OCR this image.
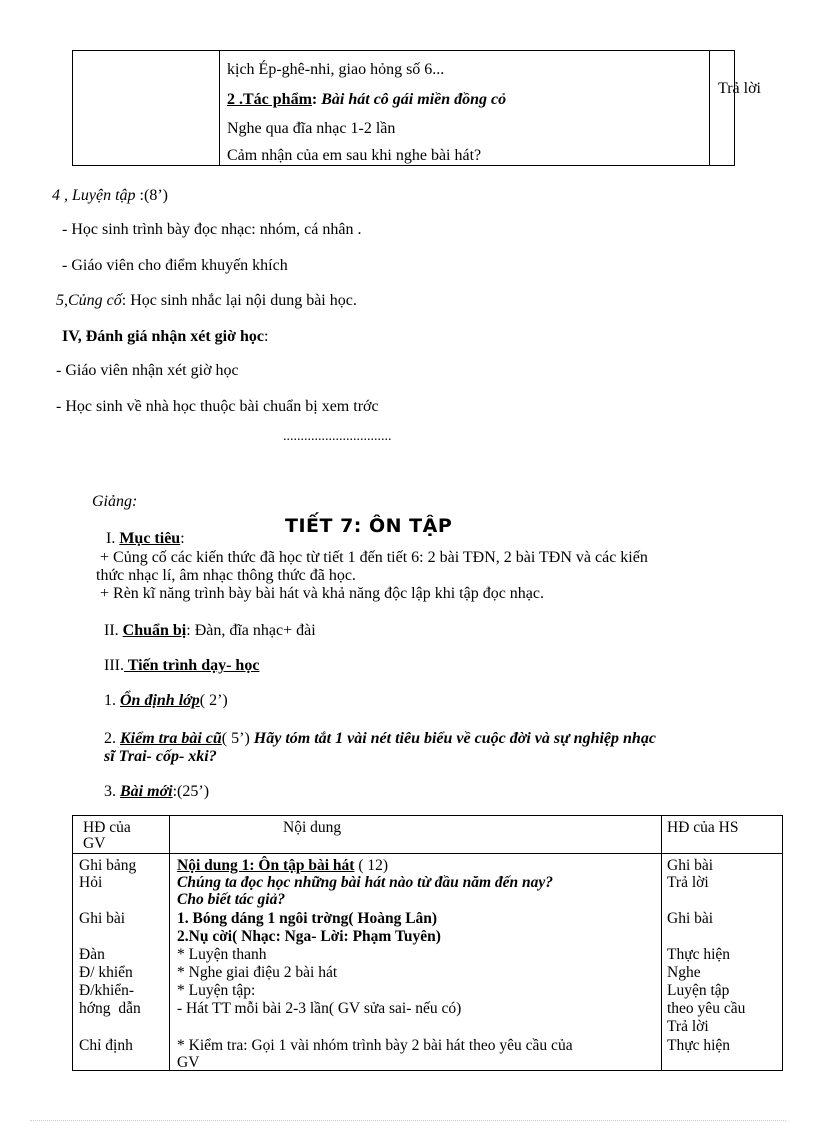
kịch Ép-ghê-nhi, giao hỏng số 6...
2 .Tác phẩm: Bài hát cô gái miền đồng cỏ
Nghe qua đĩa nhạc 1-2 lần
Cảm nhận của em sau khi nghe bài hát?
Trả lời
4 , Luyện tập :(8’)
- Học sinh trình bày đọc nhạc: nhóm, cá nhân .
- Giáo viên cho điểm khuyến khích
5,Củng cố: Học sinh nhắc lại nội dung bài học.
IV, Đánh giá nhận xét giờ học:
- Giáo viên nhận xét giờ học
- Học sinh về nhà học thuộc bài chuẩn bị xem trớc
...............................
Giảng:
TIẾT 7: ÔN TẬP
I. Mục tiêu:
+ Củng cố các kiến thức đã học từ tiết 1 đến tiết 6: 2 bài TĐN, 2 bài TĐN và các kiến
thức nhạc lí, âm nhạc thông thức đã học.
+ Rèn kĩ năng trình bày bài hát và khả năng độc lập khi tập đọc nhạc.
II. Chuẩn bị: Đàn, đĩa nhạc+ đài
III. Tiến trình dạy- học
1. Ổn định lớp( 2’)
2. Kiểm tra bài cũ( 5’) Hãy tóm tắt 1 vài nét tiêu biểu về cuộc đời và sự nghiệp nhạc
sĩ Trai- cốp- xki?
3. Bài mới:(25’)
HĐ của
GV
Nội dung	HĐ của HS
Ghi bảng
Hỏi
Ghi bài
Đàn
Đ/ khiển
Đ/khiển-
hớng dẫn
Chỉ định
Nội dung 1: Ôn tập bài hát ( 12)
Chúng ta đọc học những bài hát nào từ đầu năm đến nay?
Cho biết tác giả?
1. Bóng dáng 1 ngôi trờng( Hoàng Lân)
2.Nụ cời( Nhạc: Nga- Lời: Phạm Tuyên)
* Luyện thanh
* Nghe giai điệu 2 bài hát
* Luyện tập:
- Hát TT mỗi bài 2-3 lần( GV sửa sai- nếu có)
* Kiểm tra: Gọi 1 vài nhóm trình bày 2 bài hát theo yêu cầu của
GV
Ghi bài
Trả lời
Ghi bài
Thực hiện
Nghe
Luyện tập
theo yêu cầu
Trả lời
Thực hiện
